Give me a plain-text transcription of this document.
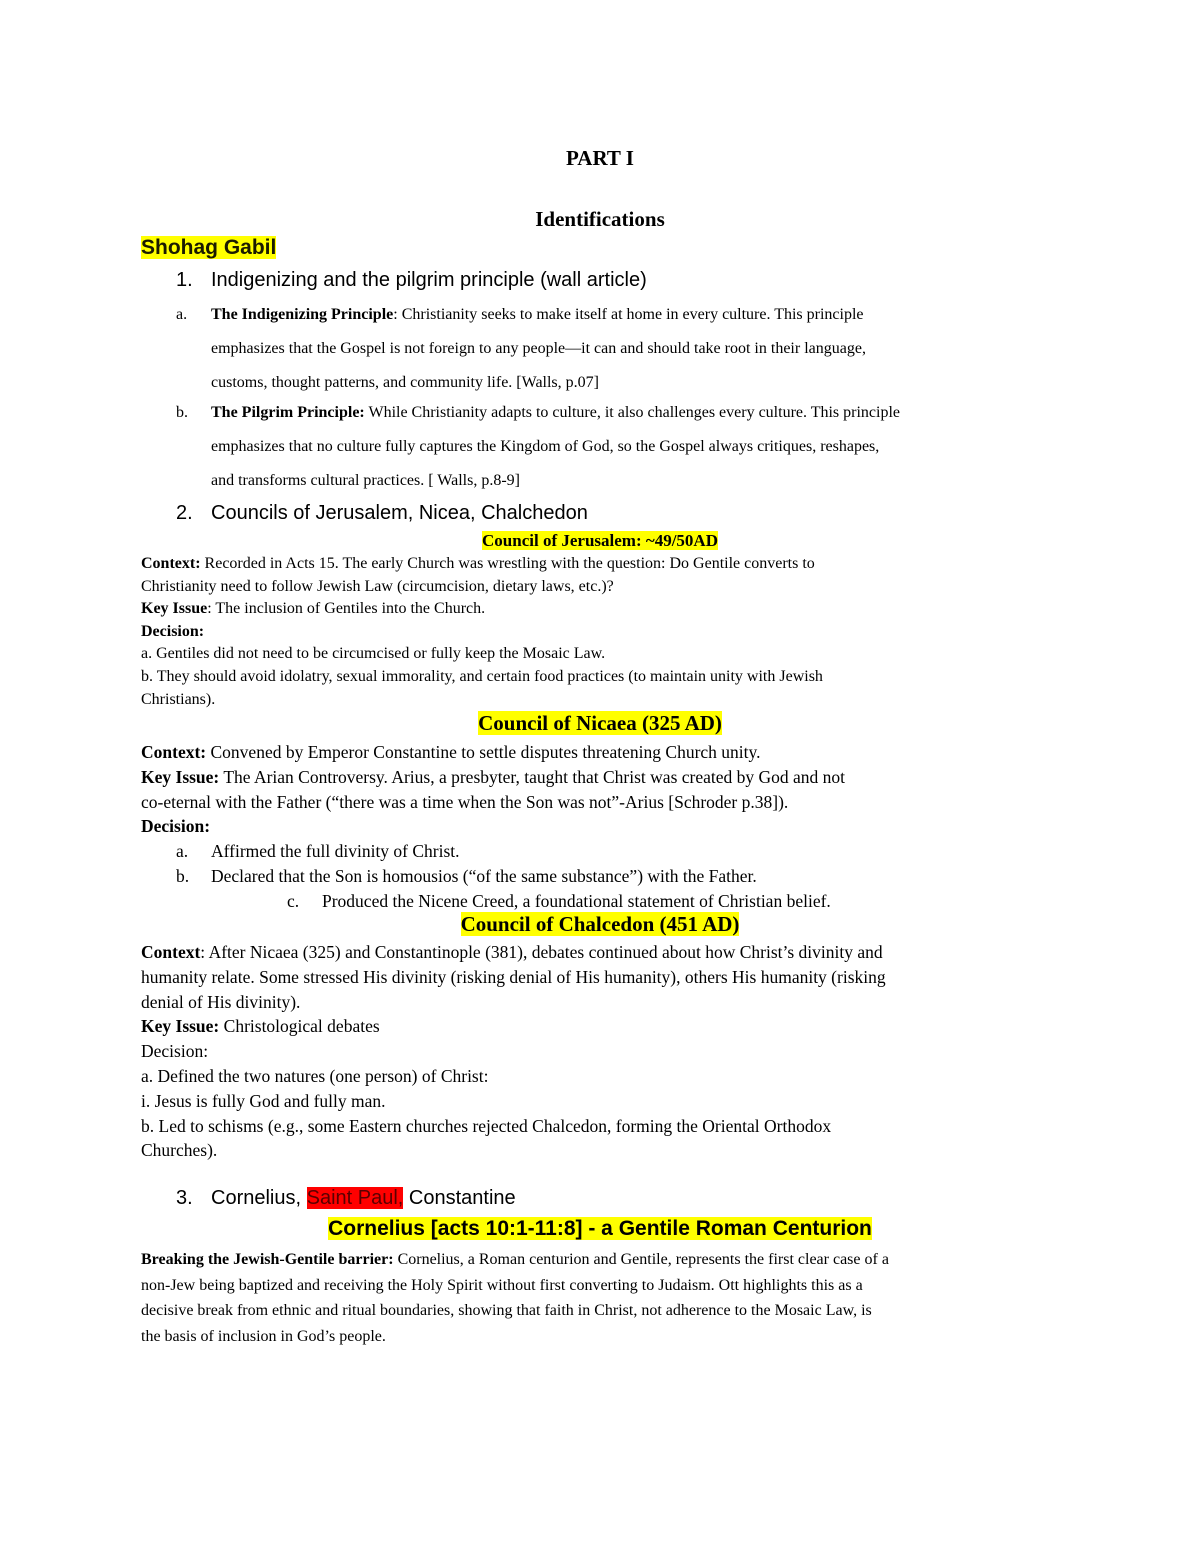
PART I
Identifications
Shohag Gabil
1. Indigenizing and the pilgrim principle (wall article)
a. The Indigenizing Principle: Christianity seeks to make itself at home in every culture. This principle
emphasizes that the Gospel is not foreign to any people—it can and should take root in their language,
customs, thought patterns, and community life. [Walls, p.07]
b. The Pilgrim Principle: While Christianity adapts to culture, it also challenges every culture. This principle
emphasizes that no culture fully captures the Kingdom of God, so the Gospel always critiques, reshapes,
and transforms cultural practices. [ Walls, p.8-9]
2. Councils of Jerusalem, Nicea, Chalchedon
Council of Jerusalem: ~49/50AD
Context: Recorded in Acts 15. The early Church was wrestling with the question: Do Gentile converts to
Christianity need to follow Jewish Law (circumcision, dietary laws, etc.)?
Key Issue: The inclusion of Gentiles into the Church.
Decision:
a. Gentiles did not need to be circumcised or fully keep the Mosaic Law.
b. They should avoid idolatry, sexual immorality, and certain food practices (to maintain unity with Jewish
Christians).
Council of Nicaea (325 AD)
Context: Convened by Emperor Constantine to settle disputes threatening Church unity.
Key Issue: The Arian Controversy. Arius, a presbyter, taught that Christ was created by God and not
co-eternal with the Father (“there was a time when the Son was not”-Arius [Schroder p.38]).
Decision:
a. Affirmed the full divinity of Christ.
b. Declared that the Son is homousios (“of the same substance”) with the Father.
c. Produced the Nicene Creed, a foundational statement of Christian belief.
Council of Chalcedon (451 AD)
Context: After Nicaea (325) and Constantinople (381), debates continued about how Christ’s divinity and
humanity relate. Some stressed His divinity (risking denial of His humanity), others His humanity (risking
denial of His divinity).
Key Issue: Christological debates
Decision:
a. Defined the two natures (one person) of Christ:
i. Jesus is fully God and fully man.
b. Led to schisms (e.g., some Eastern churches rejected Chalcedon, forming the Oriental Orthodox
Churches).
3. Cornelius, Saint Paul, Constantine
Cornelius [acts 10:1-11:8] - a Gentile Roman Centurion
Breaking the Jewish-Gentile barrier: Cornelius, a Roman centurion and Gentile, represents the first clear case of a
non-Jew being baptized and receiving the Holy Spirit without first converting to Judaism. Ott highlights this as a
decisive break from ethnic and ritual boundaries, showing that faith in Christ, not adherence to the Mosaic Law, is
the basis of inclusion in God’s people.
